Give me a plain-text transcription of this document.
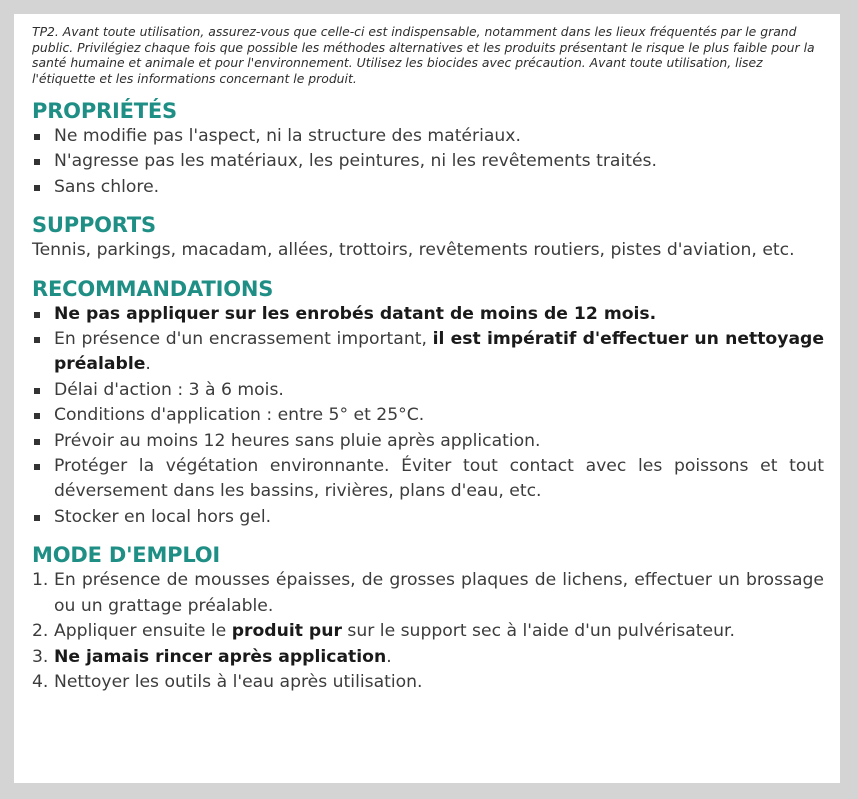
TP2. Avant toute utilisation, assurez-vous que celle-ci est indispensable, notamment dans les lieux fréquentés par le grand public. Privilégiez chaque fois que possible les méthodes alternatives et les produits présentant le risque le plus faible pour la santé humaine et animale et pour l'environnement. Utilisez les biocides avec précaution. Avant toute utilisation, lisez l'étiquette et les informations concernant le produit.

PROPRIÉTÉS
Ne modifie pas l'aspect, ni la structure des matériaux.
N'agresse pas les matériaux, les peintures, ni les revêtements traités.
Sans chlore.
SUPPORTS

Tennis, parkings, macadam, allées, trottoirs, revêtements routiers, pistes d'aviation, etc.

RECOMMANDATIONS
Ne pas appliquer sur les enrobés datant de moins de 12 mois.
En présence d'un encrassement important, il est impératif d'effectuer un nettoyage préalable.
Délai d'action : 3 à 6 mois.
Conditions d'application : entre 5° et 25°C.
Prévoir au moins 12 heures sans pluie après application.
Protéger la végétation environnante. Éviter tout contact avec les poissons et tout déversement dans les bassins, rivières, plans d'eau, etc.
Stocker en local hors gel.
MODE D'EMPLOI
1. En présence de mousses épaisses, de grosses plaques de lichens, effectuer un brossage ou un grattage préalable.
2. Appliquer ensuite le produit pur sur le support sec à l'aide d'un pulvérisateur.
3. Ne jamais rincer après application.
4. Nettoyer les outils à l'eau après utilisation.
